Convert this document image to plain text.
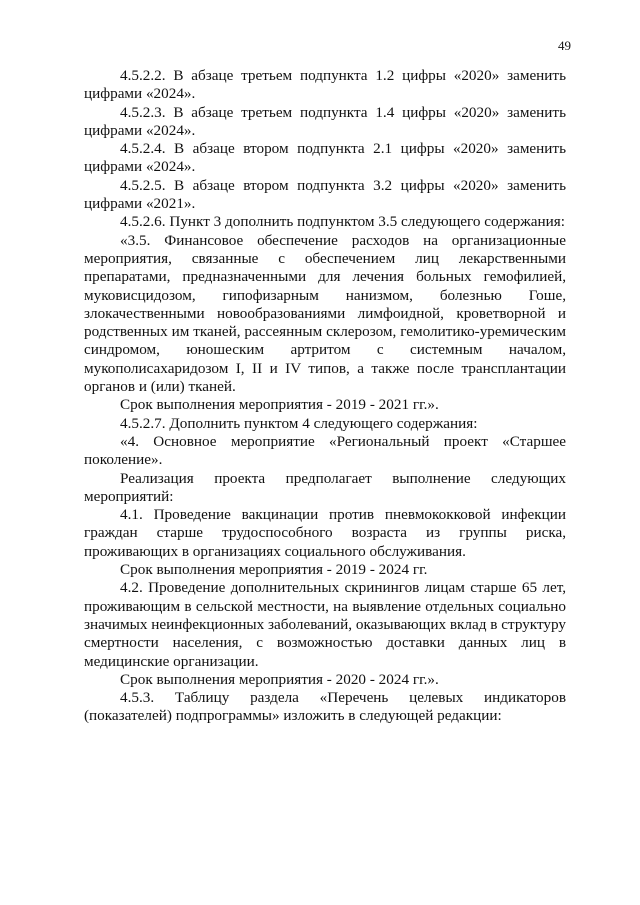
49

4.5.2.2. В абзаце третьем подпункта 1.2 цифры «2020» заменить цифрами «2024».

4.5.2.3. В абзаце третьем подпункта 1.4 цифры «2020» заменить цифрами «2024».

4.5.2.4. В абзаце втором подпункта 2.1 цифры «2020» заменить цифрами «2024».

4.5.2.5. В абзаце втором подпункта 3.2 цифры «2020» заменить цифрами «2021».

4.5.2.6. Пункт 3 дополнить подпунктом 3.5 следующего содержания:

«3.5. Финансовое обеспечение расходов на организационные мероприятия, связанные с обеспечением лиц лекарственными препаратами, предназначенными для лечения больных гемофилией, муковисцидозом, гипофизарным нанизмом, болезнью Гоше, злокачественными новообразованиями лимфоидной, кроветворной и родственных им тканей, рассеянным склерозом, гемолитико-уремическим синдромом, юношеским артритом с системным началом, мукополисахаридозом I, II и IV типов, а также после трансплантации органов и (или) тканей.

Срок выполнения мероприятия - 2019 - 2021 гг.».

4.5.2.7. Дополнить пунктом 4 следующего содержания:

«4. Основное мероприятие «Региональный проект «Старшее поколение».

Реализация проекта предполагает выполнение следующих мероприятий:

4.1. Проведение вакцинации против пневмококковой инфекции граждан старше трудоспособного возраста из группы риска, проживающих в организациях социального обслуживания.

Срок выполнения мероприятия - 2019 - 2024 гг.

4.2. Проведение дополнительных скринингов лицам старше 65 лет, проживающим в сельской местности, на выявление отдельных социально значимых неинфекционных заболеваний, оказывающих вклад в структуру смертности населения, с возможностью доставки данных лиц в медицинские организации.

Срок выполнения мероприятия - 2020 - 2024 гг.».

4.5.3. Таблицу раздела «Перечень целевых индикаторов (показателей) подпрограммы» изложить в следующей редакции:
